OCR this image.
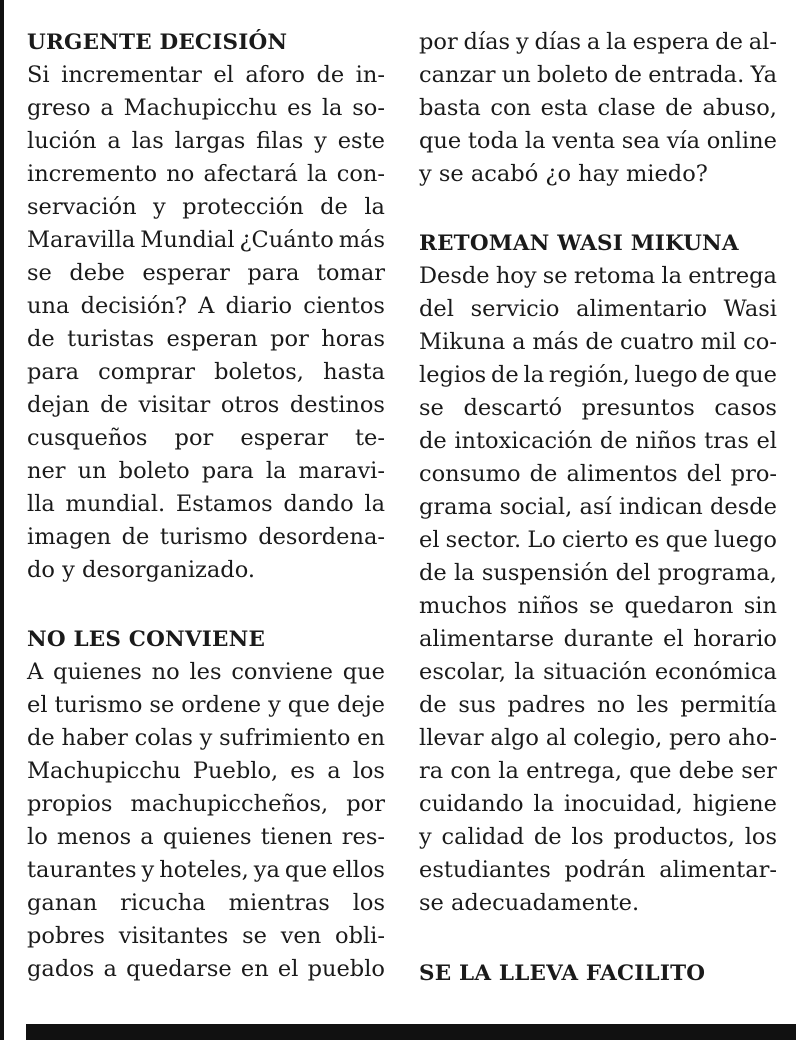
URGENTE DECISIÓN
Si incrementar el aforo de in-
greso a Machupicchu es la so-
lución a las largas filas y este
incremento no afectará la con-
servación y protección de la
Maravilla Mundial ¿Cuánto más
se debe esperar para tomar
una decisión? A diario cientos
de turistas esperan por horas
para comprar boletos, hasta
dejan de visitar otros destinos
cusqueños por esperar te-
ner un boleto para la maravi-
lla mundial. Estamos dando la
imagen de turismo desordena-
do y desorganizado.
NO LES CONVIENE
A quienes no les conviene que
el turismo se ordene y que deje
de haber colas y sufrimiento en
Machupicchu Pueblo, es a los
propios machupiccheños, por
lo menos a quienes tienen res-
taurantes y hoteles, ya que ellos
ganan ricucha mientras los
pobres visitantes se ven obli-
gados a quedarse en el pueblo
por días y días a la espera de al-
canzar un boleto de entrada. Ya
basta con esta clase de abuso,
que toda la venta sea vía online
y se acabó ¿o hay miedo?
RETOMAN WASI MIKUNA
Desde hoy se retoma la entrega
del servicio alimentario Wasi
Mikuna a más de cuatro mil co-
legios de la región, luego de que
se descartó presuntos casos
de intoxicación de niños tras el
consumo de alimentos del pro-
grama social, así indican desde
el sector. Lo cierto es que luego
de la suspensión del programa,
muchos niños se quedaron sin
alimentarse durante el horario
escolar, la situación económica
de sus padres no les permitía
llevar algo al colegio, pero aho-
ra con la entrega, que debe ser
cuidando la inocuidad, higiene
y calidad de los productos, los
estudiantes podrán alimentar-
se adecuadamente.
SE LA LLEVA FACILITO
